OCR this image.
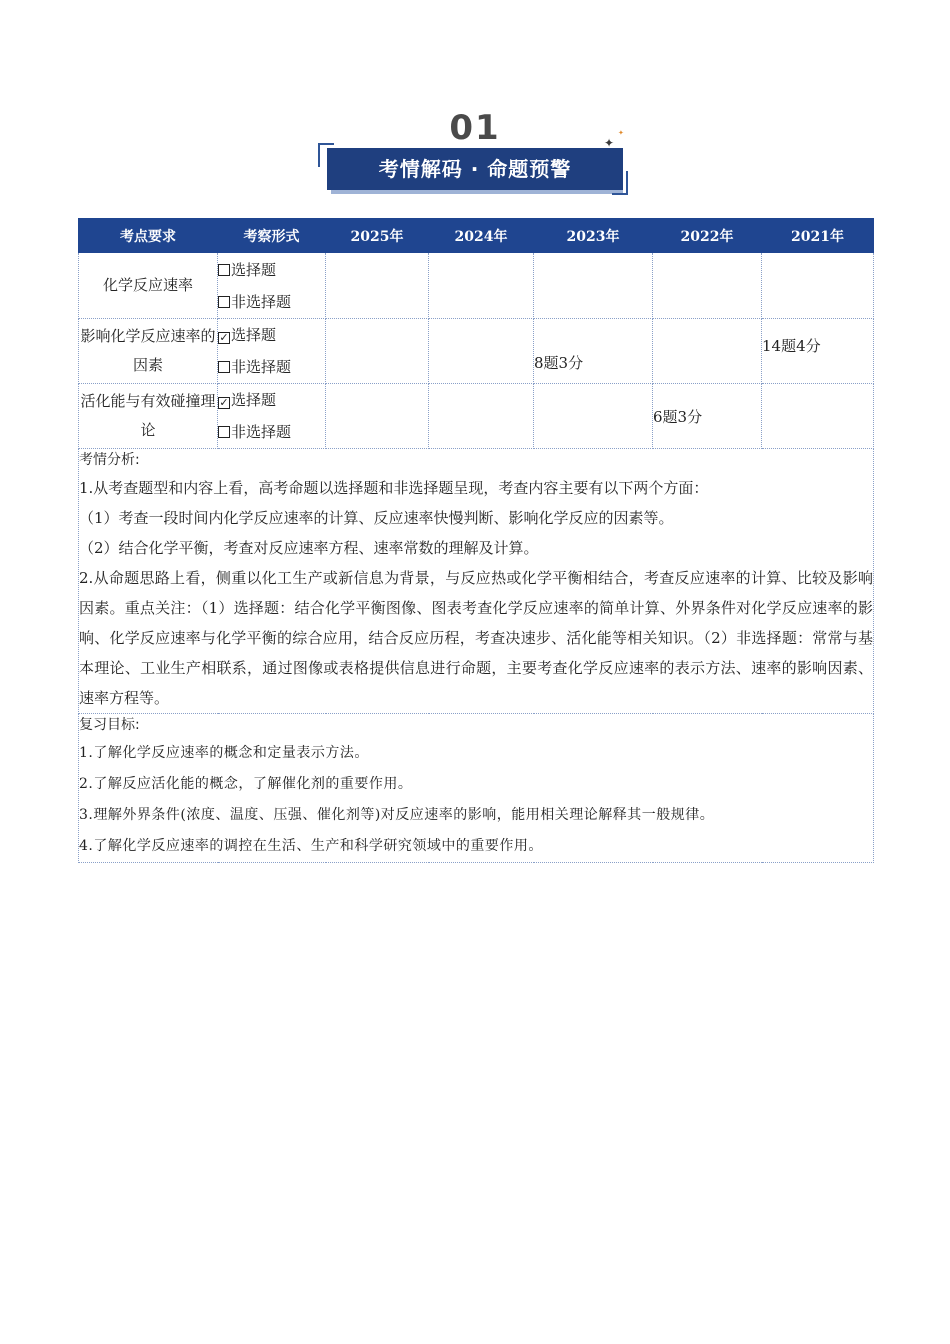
01
考情解码 · 命题预警
✦
✦
考点要求	考察形式	2025年	2024年	2023年	2022年	2021年
化学反应速率	选择题
非选择题					

影响化学反应速率的因素	✓ 选择题
非选择题			8题3分		14题4分
活化能与有效碰撞理论	✓ 选择题
非选择题				6题3分	

考情分析:
1.从考查题型和内容上看，高考命题以选择题和非选择题呈现，考查内容主要有以下两个方面：
（1）考查一段时间内化学反应速率的计算、反应速率快慢判断、影响化学反应的因素等。
（2）结合化学平衡，考查对反应速率方程、速率常数的理解及计算。
2.从命题思路上看，侧重以化工生产或新信息为背景，与反应热或化学平衡相结合，考查反应速率的计算、比较及影响因素。重点关注：（1）选择题：结合化学平衡图像、图表考查化学反应速率的简单计算、外界条件对化学反应速率的影响、化学反应速率与化学平衡的综合应用，结合反应历程，考查决速步、活化能等相关知识。（2）非选择题：常常与基本理论、工业生产相联系，通过图像或表格提供信息进行命题，主要考查化学反应速率的表示方法、速率的影响因素、速率方程等。						

复习目标:
1.了解化学反应速率的概念和定量表示方法。
2.了解反应活化能的概念，了解催化剂的重要作用。
3.理解外界条件(浓度、温度、压强、催化剂等)对反应速率的影响，能用相关理论解释其一般规律。
4.了解化学反应速率的调控在生活、生产和科学研究领域中的重要作用。						
